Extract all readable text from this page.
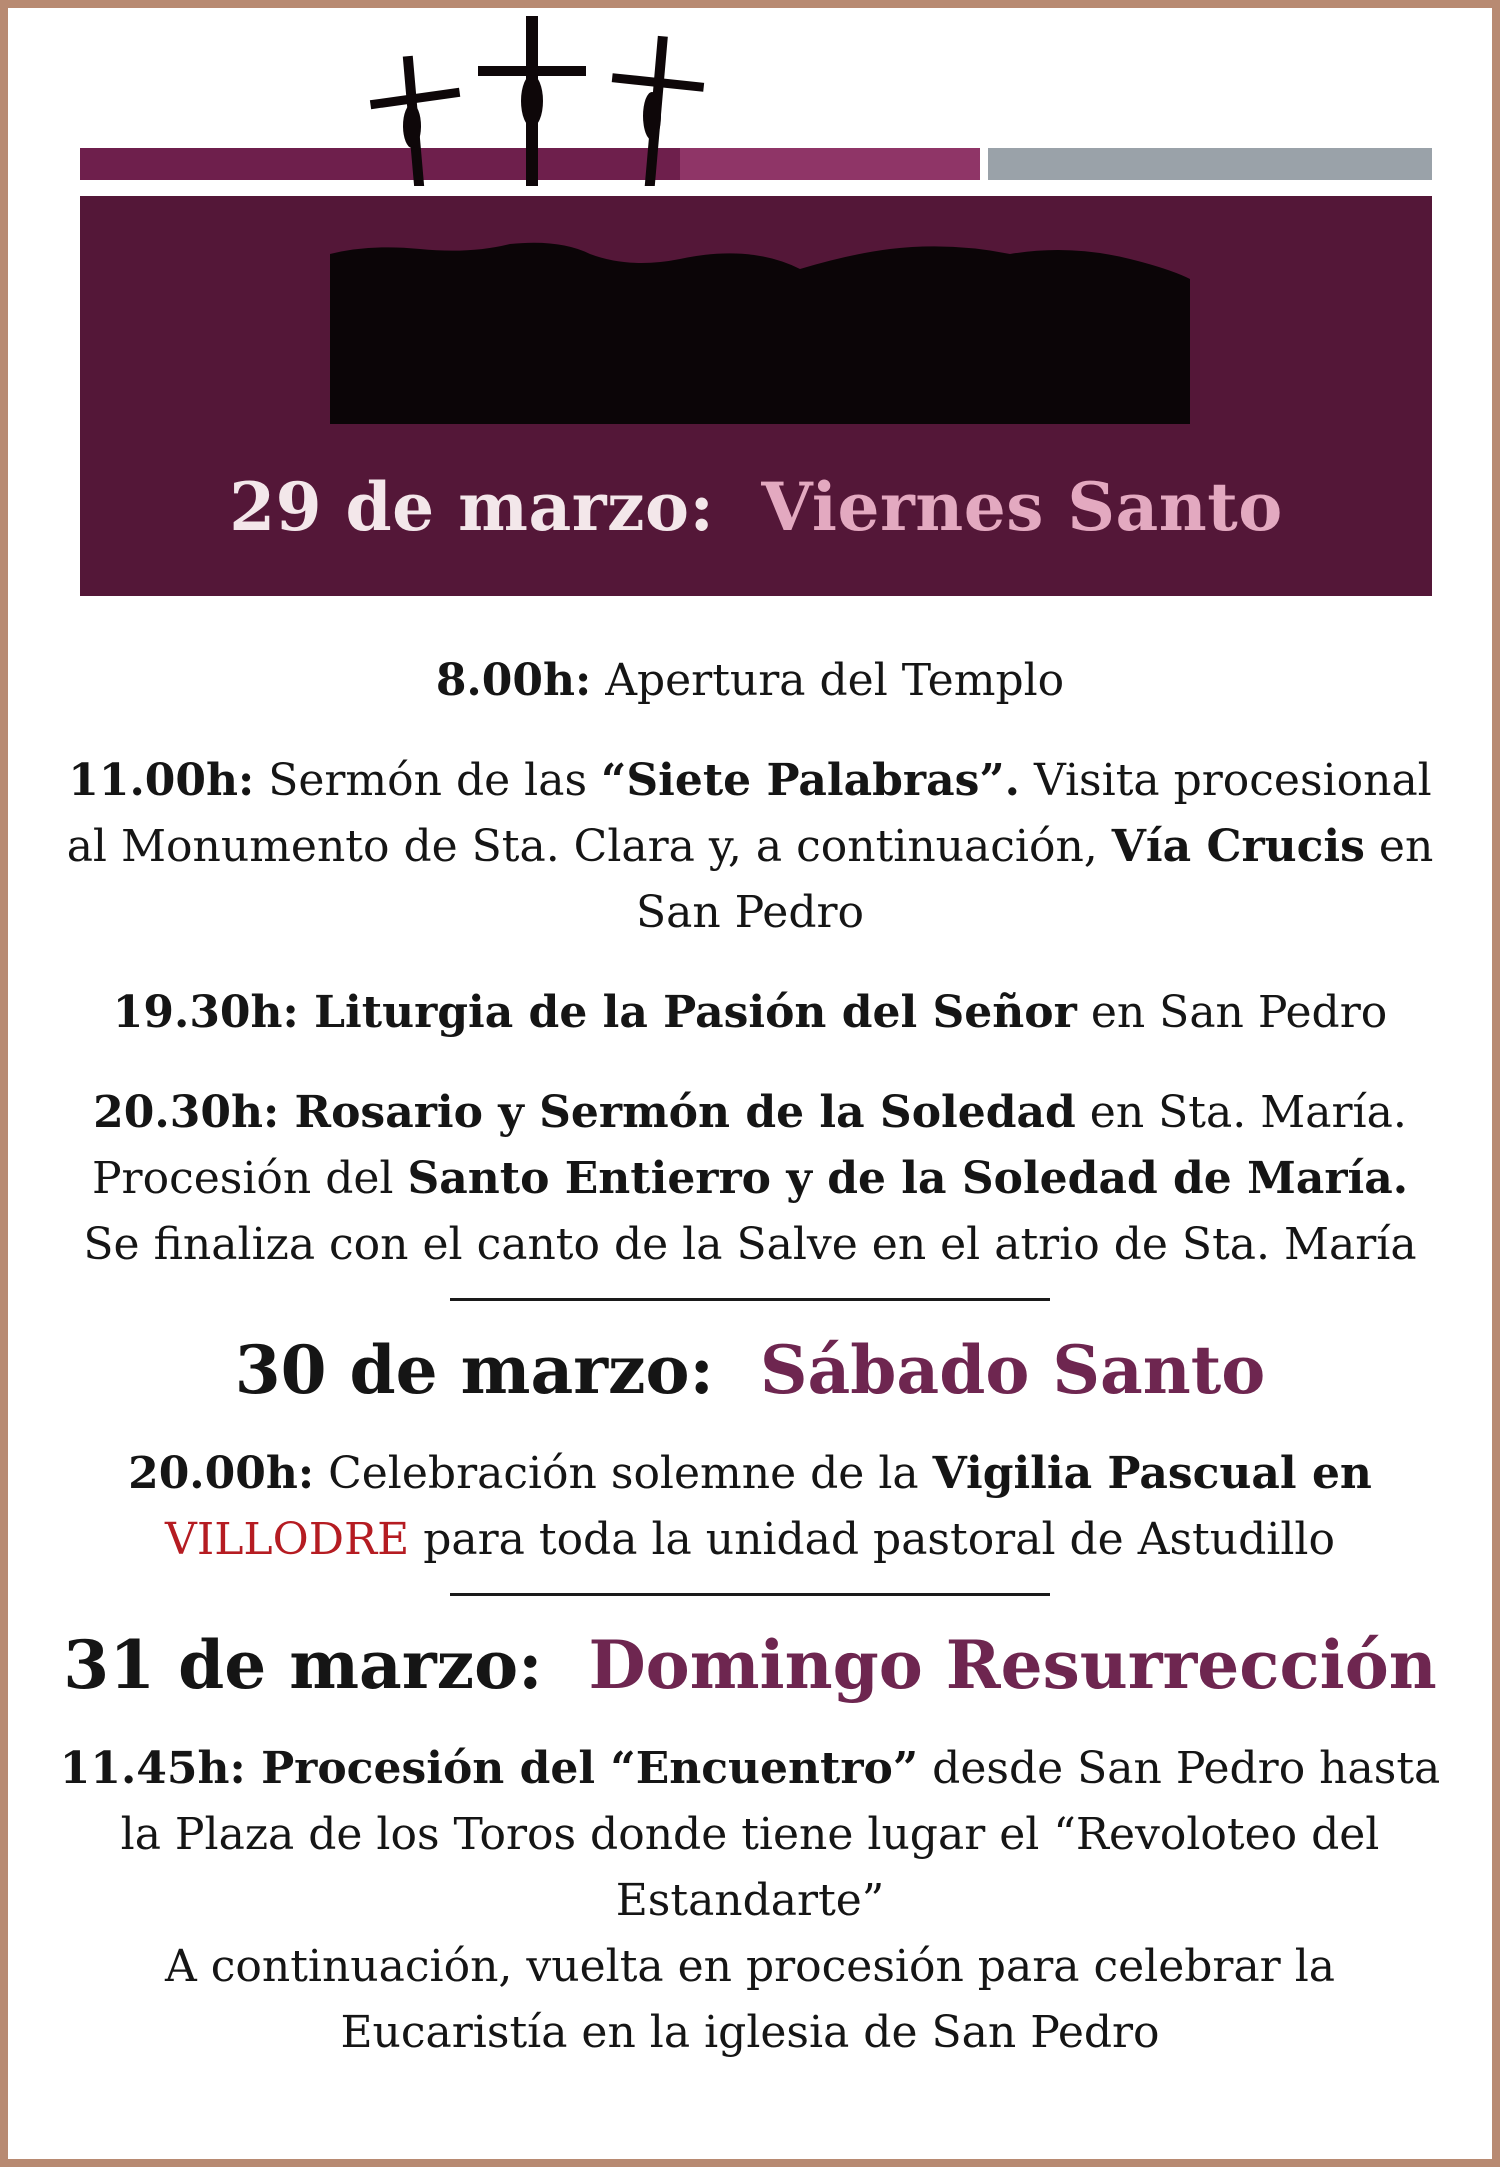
29 de marzo: Viernes Santo
8.00h: Apertura del Templo
11.00h: Sermón de las “Siete Palabras”. Visita procesional al Monumento de Sta. Clara y, a continuación, Vía Crucis en San Pedro
19.30h: Liturgia de la Pasión del Señor en San Pedro
20.30h: Rosario y Sermón de la Soledad en Sta. María.
Procesión del Santo Entierro y de la Soledad de María.
Se finaliza con el canto de la Salve en el atrio de Sta. María
30 de marzo: Sábado Santo
20.00h: Celebración solemne de la Vigilia Pascual en
VILLODRE para toda la unidad pastoral de Astudillo
31 de marzo: Domingo Resurrección
11.45h: Procesión del “Encuentro” desde San Pedro hasta la Plaza de los Toros donde tiene lugar el “Revoloteo del Estandarte”
A continuación, vuelta en procesión para celebrar la Eucaristía en la iglesia de San Pedro
